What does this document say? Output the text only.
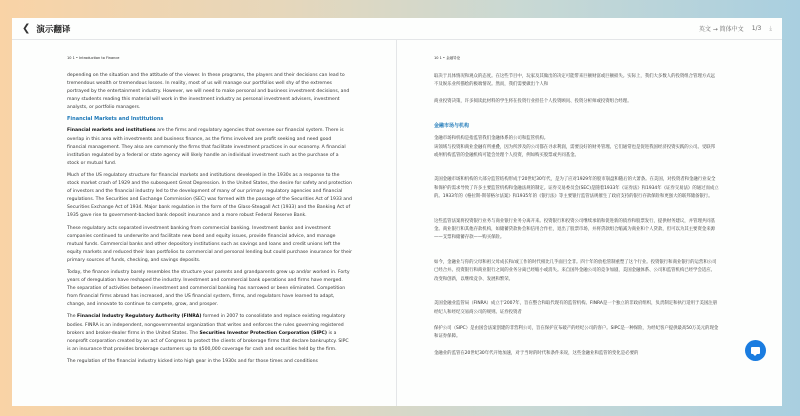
❮ 演示翻译	英文 → 简体中文 1/3 ⤓
10 1 • Introduction to Finance

depending on the situation and the attitude of the viewer. In these programs, the players and their decisions can lead to tremendous wealth or tremendous losses. In reality, most of us will manage our portfolios well shy of the extremes portrayed by the entertainment industry. However, we will need to make personal and business investment decisions, and many students reading this material will work in the investment industry as personal investment advisers, investment analysts, or portfolio managers.

Financial Markets and Institutions

Financial markets and institutions are the firms and regulatory agencies that oversee our financial system. There is overlap in this area with investments and business finance, as the firms involved are profit seeking and need good financial management. They also are commonly the firms that facilitate investment practices in our economy. A financial institution regulated by a federal or state agency will likely handle an individual investment such as the purchase of a stock or mutual fund.

Much of the US regulatory structure for financial markets and institutions developed in the 1930s as a response to the stock market crash of 1929 and the subsequent Great Depression. In the United States, the desire for safety and protection of investors and the financial industry led to the development of many of our primary regulatory agencies and financial regulations. The Securities and Exchange Commission (SEC) was formed with the passage of the Securities Act of 1933 and Securities Exchange Act of 1934. Major bank regulation in the form of the Glass-Steagall Act (1933) and the Banking Act of 1935 gave rise to government-backed bank deposit insurance and a more robust Federal Reserve Bank.

These regulatory acts separated investment banking from commercial banking. Investment banks and investment companies continued to underwrite and facilitate new bond and equity issues, provide financial advice, and manage mutual funds. Commercial banks and other depository institutions such as savings and loans and credit unions left the equity markets and reduced their loan portfolios to commercial and personal lending but could purchase insurance for their primary sources of funds, checking, and savings deposits.

Today, the finance industry barely resembles the structure your parents and grandparents grew up and/or worked in. Forty years of deregulation have reshaped the industry. Investment and commercial bank operations and firms have merged. The separation of activities between investment and commercial banking has narrowed or been eliminated. Competition from financial firms abroad has increased, and the US financial system, firms, and regulators have learned to adapt, change, and innovate to continue to compete, grow, and prosper.

The Financial Industry Regulatory Authority (FINRA) formed in 2007 to consolidate and replace existing regulatory bodies. FINRA is an independent, nongovernmental organization that writes and enforces the rules governing registered brokers and broker-dealer firms in the United States. The Securities Investor Protection Corporation (SIPC) is a nonprofit corporation created by an act of Congress to protect the clients of brokerage firms that declare bankruptcy. SIPC is an insurance that provides brokerage customers up to $500,000 coverage for cash and securities held by the firm.

The regulation of the financial industry kicked into high gear in the 1930s and for those times and conditions

10 1 • 金融导论

取决于具体情况和观众的态度。在这些节目中，玩家及其做出的决定可能带来巨额财富或巨额损失。实际上，我们大多数人的投资组合管理方式远不及娱乐业所描绘的极端情况。然而，我们需要做出个人和

商业投资决策，许多阅读此材料的学生将在投资行业担任个人投资顾问、投资分析师或投资组合经理。

金融市场与机构

金融市场和机构是指监管我们金融体系的公司和监管机构。
该领域与投资和商业金融有所重叠，因为所涉及的公司都在寻求利润，需要良好的财务管理。它们通常也是促进我国经济投资实践的公司。受联邦或州机构监管的金融机构可能会处理个人投资，例如购买股票或共同基金。

美国金融市场和机构的大部分监管结构形成于20世纪30年代，是为了应对1929年的股市崩盘和随后的大萧条。在美国，对投资者和金融行业安全和保护的需求导致了许多主要监管机构和金融法规的制定。证券交易委员会(SEC)是随着1933年《证券法》和1934年《证券交易法》的通过而成立的。1933年的《格拉斯-斯蒂格尔法案》和1935年的《银行法》等主要银行监管法规催生了政府支持的银行存款保险和更强大的联邦储备银行。

这些监管法案将投资银行业务与商业银行业务分离开来。投资银行和投资公司继续承销和促进新的债券和股票发行，提供财务建议，并管理共同基金。商业银行和其他存款机构，如储蓄贷款协会和信用合作社，退出了股票市场，并将贷款组合缩减为商业和个人贷款，但可以为其主要资金来源——支票和储蓄存款——购买保险。

如今，金融业与你的父母和祖父母成长和/或工作的时代相比几乎面目全非。四十年的放松管制重塑了这个行业。投资银行和商业银行的运营和公司已经合并。投资银行和商业银行之间的业务分离已经缩小或消失。来自国外金融公司的竞争加剧，美国金融体系、公司和监管机构已经学会适应、改变和创新，以继续竞争、发展和繁荣。

美国金融业监管局（FINRA）成立于2007年，旨在整合和取代现有的监管机构。FINRA是一个独立的非政府组织，负责制定和执行适用于美国注册经纪人和经纪交易商公司的规则。证券投资者

保护公司（SIPC）是由国会法案创建的非营利公司，旨在保护宣布破产的经纪公司的客户。SIPC是一种保险，为经纪客户提供最高50万美元的现金和证券保障。

金融业的监管在20世纪30年代开始加速，对于当时的时代和条件来说，这些金融业和监管的变化是必要的
